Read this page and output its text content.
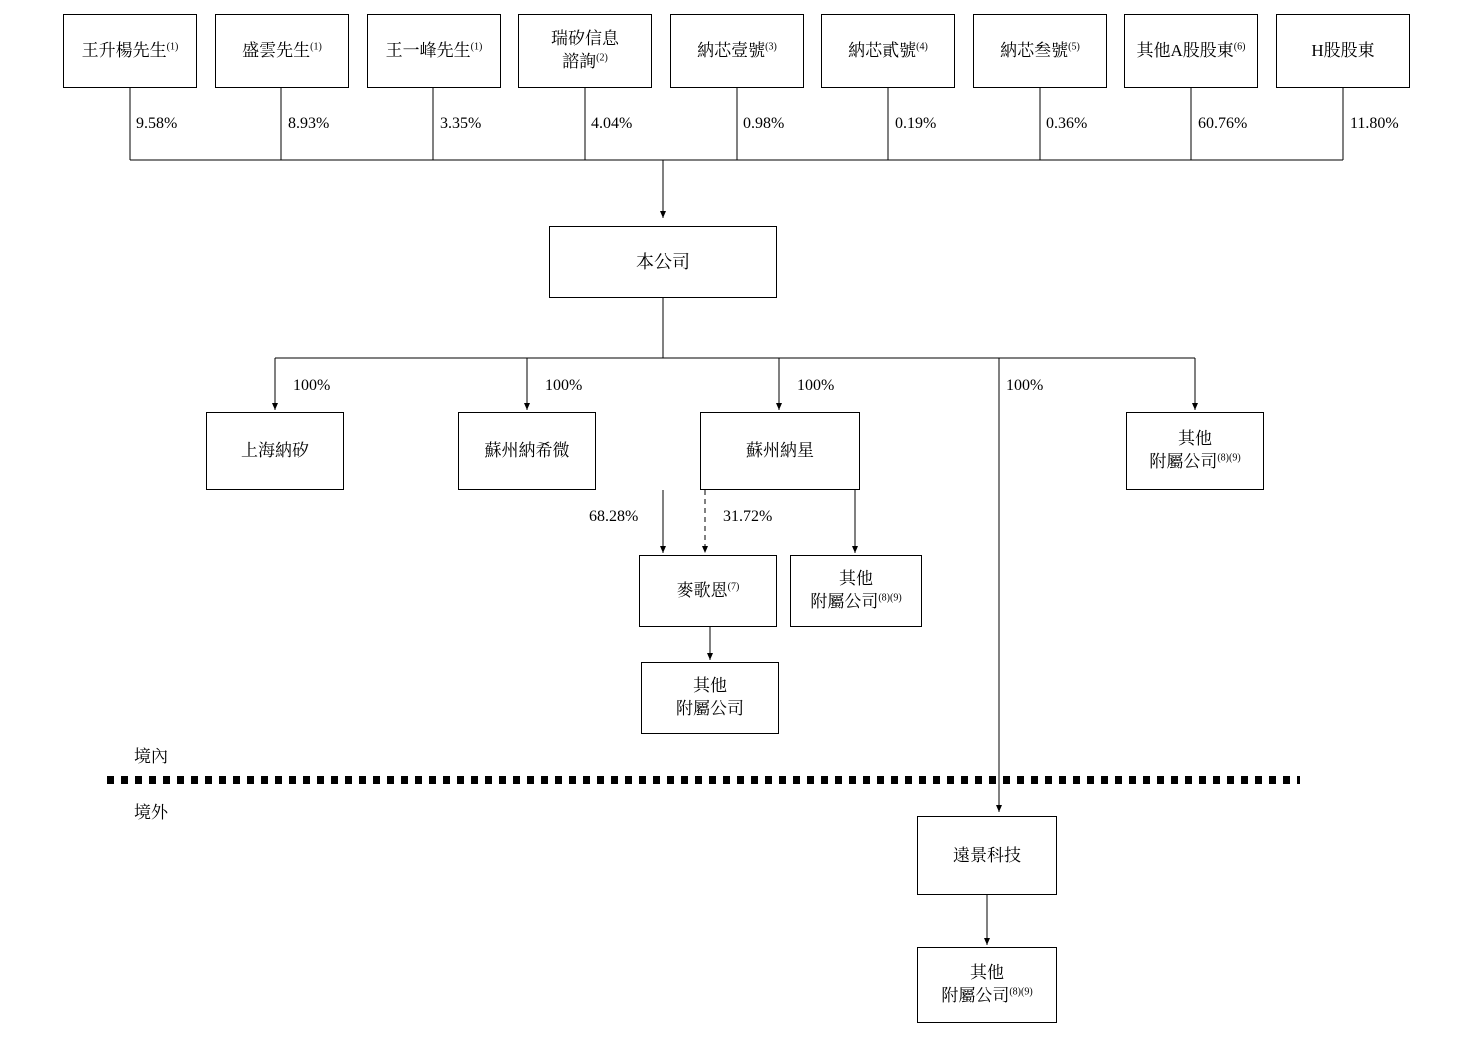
王升楊先生$^{(1)}$	盛雲先生$^{(1)}$	王一峰先生$^{(1)}$	瑞矽信息
諮詢$^{(2)}$	納芯壹號$^{(3)}$	納芯貳號$^{(4)}$	納芯叁號$^{(5)}$	其他A股股東$^{(6)}$	H股股東
9.58%	8.93%	3.35%	4.04%	0.98%	0.19%	0.36%	60.76%	11.80%
本公司
100%	100%	100%	100%
上海納矽	蘇州納希微	蘇州納星
其他
附屬公司$^{(8)(9)}$
68.28%	31.72%
麥歌恩$^{(7)}$	其他
附屬公司$^{(8)(9)}$
其他
附屬公司
境內
境外
遠景科技
其他
附屬公司$^{(8)(9)}$
